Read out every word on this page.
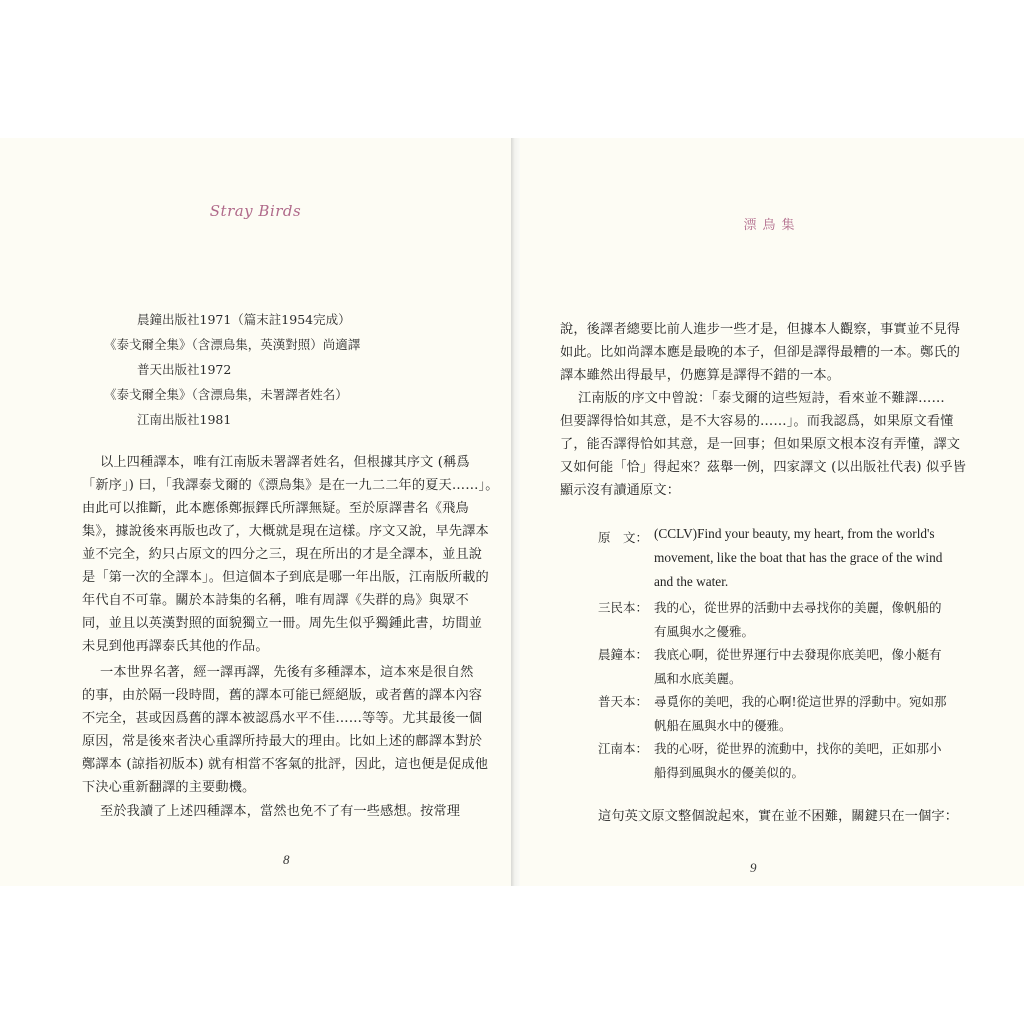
Stray Birds
漂鳥集
晨鐘出版社1971（篇末註1954完成）
《泰戈爾全集》（含漂鳥集，英漢對照）尚適譯
普天出版社1972
《泰戈爾全集》（含漂鳥集，未署譯者姓名）
江南出版社1981
以上四種譯本，唯有江南版未署譯者姓名，但根據其序文 (稱爲
「新序」) 曰，「我譯泰戈爾的《漂鳥集》是在一九二二年的夏天……」。
由此可以推斷，此本應係鄭振鐸氏所譯無疑。至於原譯書名《飛鳥
集》，據說後來再版也改了，大概就是現在這樣。序文又說，早先譯本
並不完全，約只占原文的四分之三，現在所出的才是全譯本，並且說
是「第一次的全譯本」。但這個本子到底是哪一年出版，江南版所載的
年代自不可靠。關於本詩集的名稱，唯有周譯《失群的鳥》與眾不
同，並且以英漢對照的面貌獨立一冊。周先生似乎獨鍾此書，坊間並
未見到他再譯泰氏其他的作品。
一本世界名著，經一譯再譯，先後有多種譯本，這本來是很自然
的事，由於隔一段時間，舊的譯本可能已經絕版，或者舊的譯本內容
不完全，甚或因爲舊的譯本被認爲水平不佳……等等。尤其最後一個
原因，常是後來者決心重譯所持最大的理由。比如上述的鄜譯本對於
鄭譯本 (諒指初版本) 就有相當不客氣的批評，因此，這也便是促成他
下決心重新翻譯的主要動機。
至於我讀了上述四種譯本，當然也免不了有一些感想。按常理
8
說，後譯者總要比前人進步一些才是，但據本人觀察，事實並不見得
如此。比如尚譯本應是最晚的本子，但卻是譯得最糟的一本。鄭氏的
譯本雖然出得最早，仍應算是譯得不錯的一本。
江南版的序文中曾說：「泰戈爾的這些短詩，看來並不難譯……
但要譯得恰如其意，是不大容易的……」。而我認爲，如果原文看懂
了，能否譯得恰如其意，是一回事；但如果原文根本沒有弄懂，譯文
又如何能「恰」得起來？茲舉一例，四家譯文 (以出版社代表) 似乎皆
顯示沒有讀通原文：
原　文： (CCLV)Find your beauty, my heart, from the world's
movement, like the boat that has the grace of the wind
and the water.
三民本： 我的心，從世界的活動中去尋找你的美麗，像帆船的
有風與水之優雅。
晨鐘本： 我底心啊，從世界運行中去發現你底美吧，像小艇有
風和水底美麗。
普天本： 尋覓你的美吧，我的心啊!從這世界的浮動中。宛如那
帆船在風與水中的優雅。
江南本： 我的心呀，從世界的流動中，找你的美吧，正如那小
船得到風與水的優美似的。
這句英文原文整個說起來，實在並不困難，關鍵只在一個字：
9
